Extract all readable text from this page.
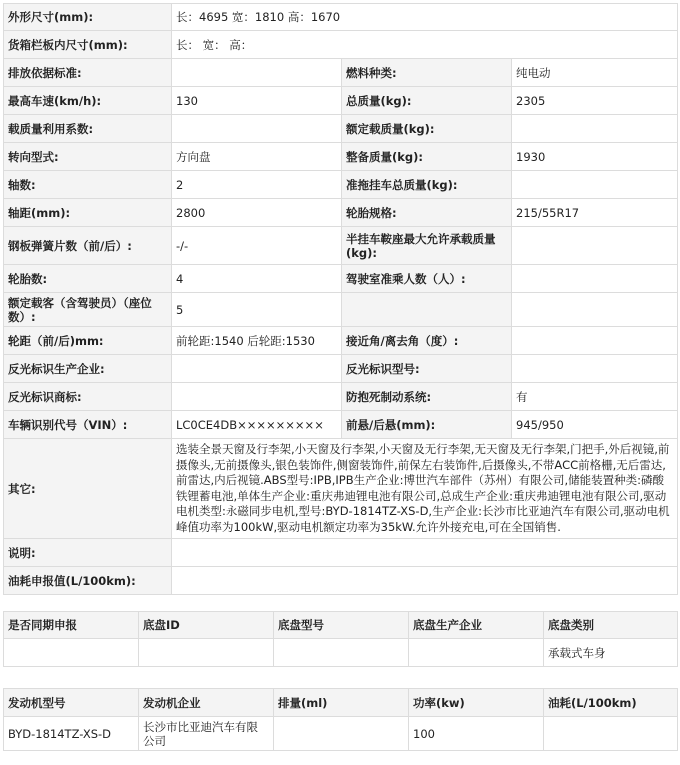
外形尺寸(mm):	长：4695 宽：1810 高：1670		
货箱栏板内尺寸(mm):	长： 宽： 高：		
排放依据标准:		燃料种类:	纯电动
最高车速(km/h):	130	总质量(kg):	2305
载质量利用系数:		额定载质量(kg):	
转向型式:	方向盘	整备质量(kg):	1930
轴数:	2	准拖挂车总质量(kg):	
轴距(mm):	2800	轮胎规格:	215/55R17
钢板弹簧片数（前/后）:	-/-	半挂车鞍座最大允许承载质量(kg):	
轮胎数:	4	驾驶室准乘人数（人）:	
额定载客（含驾驶员）（座位数）:	5		
轮距（前/后)mm:	前轮距:1540 后轮距:1530	接近角/离去角（度）:	
反光标识生产企业:		反光标识型号:	
反光标识商标:		防抱死制动系统:	有
车辆识别代号（VIN）:	LC0CE4DB×××××××××	前悬/后悬(mm):	945/950
其它:	选装全景天窗及行李架,小天窗及行李架,小天窗及无行李架,无天窗及无行李架,门把手,外后视镜,前摄像头,无前摄像头,银色装饰件,侧窗装饰件,前保左右装饰件,后摄像头,不带ACC前格栅,无后雷达,前雷达,内后视镜.ABS型号:IPB,IPB生产企业:博世汽车部件（苏州）有限公司,储能装置种类:磷酸铁锂蓄电池,单体生产企业:重庆弗迪锂电池有限公司,总成生产企业:重庆弗迪锂电池有限公司,驱动电机类型:永磁同步电机,型号:BYD-1814TZ-XS-D,生产企业:长沙市比亚迪汽车有限公司,驱动电机峰值功率为100kW,驱动电机额定功率为35kW.允许外接充电,可在全国销售.		
说明:			
油耗申报值(L/100km):			
是否同期申报	底盘ID	底盘型号	底盘生产企业	底盘类别
				承载式车身
发动机型号	发动机企业	排量(ml)	功率(kw)	油耗(L/100km)
BYD-1814TZ-XS-D	长沙市比亚迪汽车有限公司		100	
